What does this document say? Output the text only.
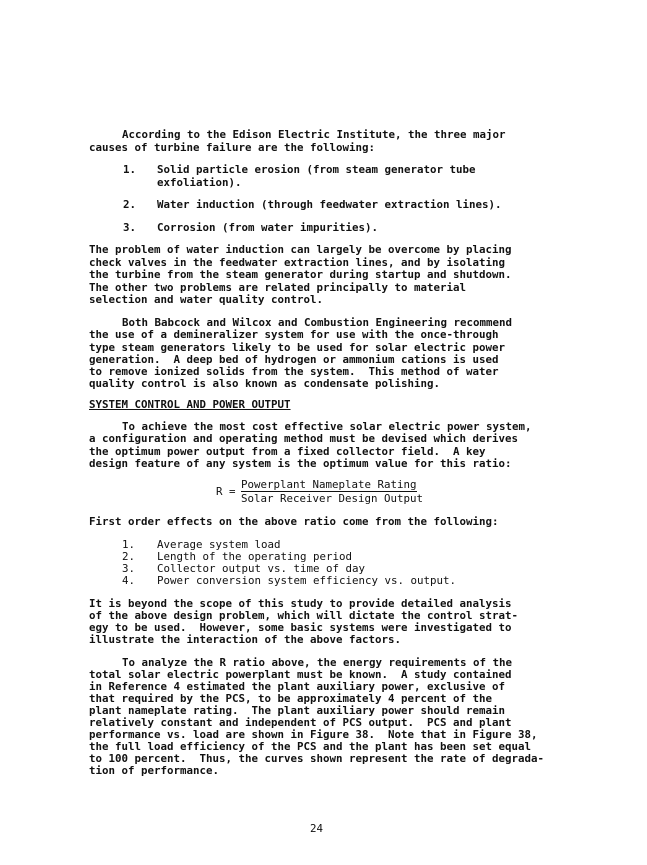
According to the Edison Electric Institute, the three major
causes of turbine failure are the following:
1. Solid particle erosion (from steam generator tube
exfoliation).
2. Water induction (through feedwater extraction lines).
3. Corrosion (from water impurities).
The problem of water induction can largely be overcome by placing
check valves in the feedwater extraction lines, and by isolating
the turbine from the steam generator during startup and shutdown.
The other two problems are related principally to material
selection and water quality control.
Both Babcock and Wilcox and Combustion Engineering recommend
the use of a demineralizer system for use with the once-through
type steam generators likely to be used for solar electric power
generation.  A deep bed of hydrogen or ammonium cations is used
to remove ionized solids from the system.  This method of water
quality control is also known as condensate polishing.
SYSTEM CONTROL AND POWER OUTPUT
To achieve the most cost effective solar electric power system,
a configuration and operating method must be devised which derives
the optimum power output from a fixed collector field.  A key
design feature of any system is the optimum value for this ratio:
R =
Powerplant Nameplate Rating
Solar Receiver Design Output
First order effects on the above ratio come from the following:
1. Average system load
2. Length of the operating period
3. Collector output vs. time of day
4. Power conversion system efficiency vs. output.
It is beyond the scope of this study to provide detailed analysis
of the above design problem, which will dictate the control strat-
egy to be used.  However, some basic systems were investigated to
illustrate the interaction of the above factors.
To analyze the R ratio above, the energy requirements of the
total solar electric powerplant must be known.  A study contained
in Reference 4 estimated the plant auxiliary power, exclusive of
that required by the PCS, to be approximately 4 percent of the
plant nameplate rating.  The plant auxiliary power should remain
relatively constant and independent of PCS output.  PCS and plant
performance vs. load are shown in Figure 38.  Note that in Figure 38,
the full load efficiency of the PCS and the plant has been set equal
to 100 percent.  Thus, the curves shown represent the rate of degrada-
tion of performance.
24
